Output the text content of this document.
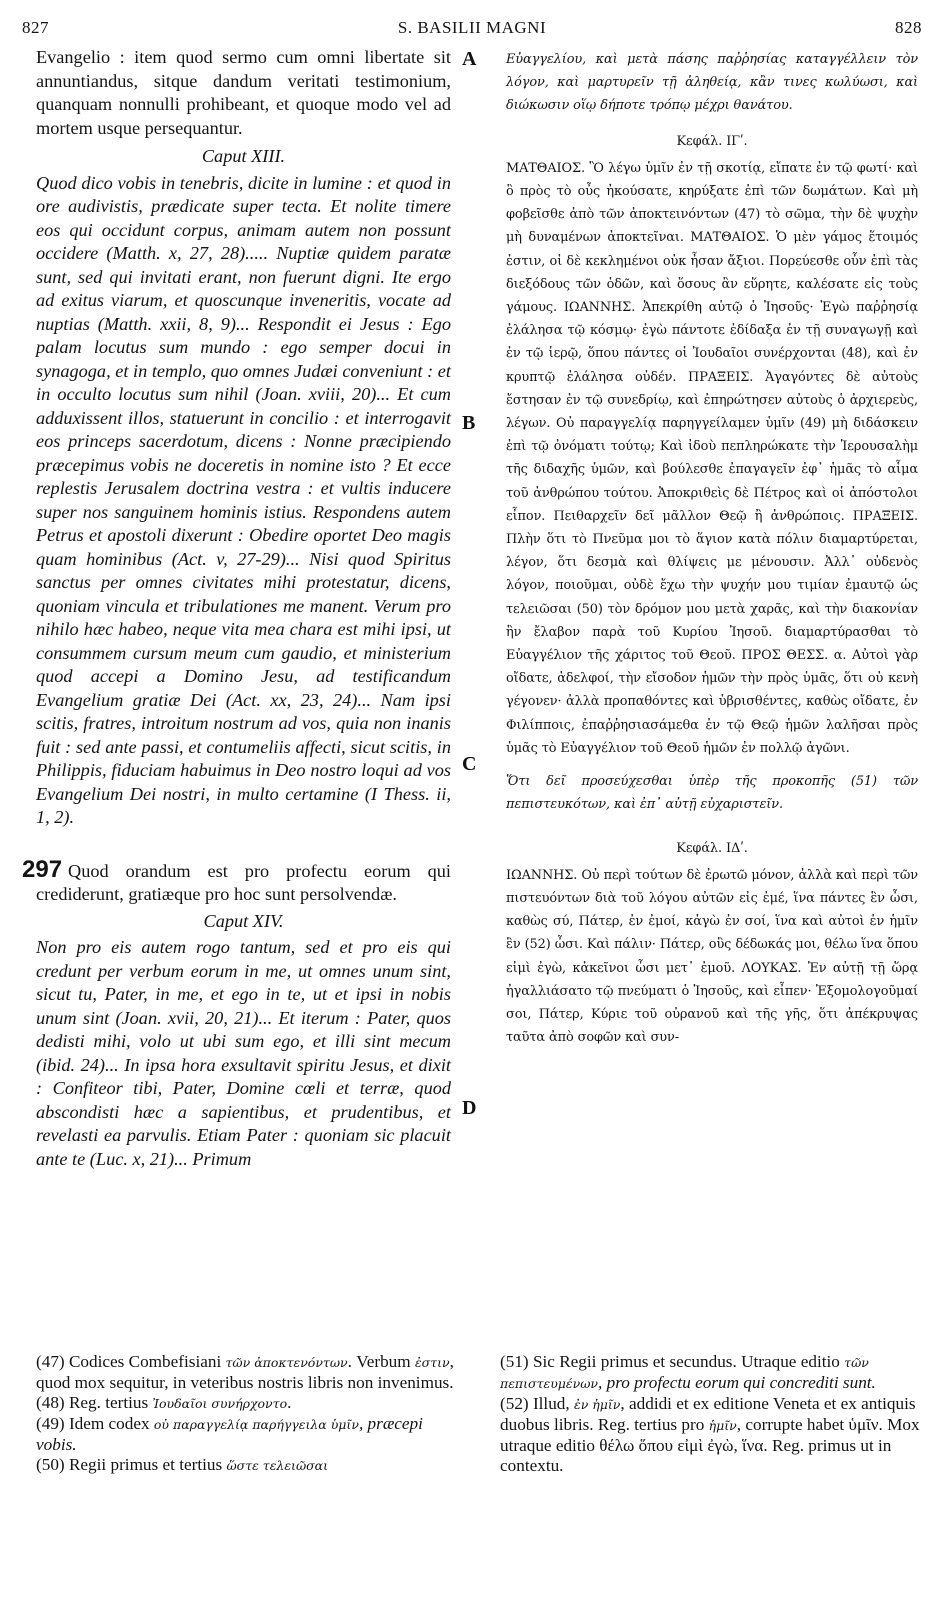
827	S. BASILII MAGNI	828

Evangelio : item quod sermo cum omni libertate sit annuntiandus, sitque dandum veritati testimonium, quanquam nonnulli prohibeant, et quoque modo vel ad mortem usque persequantur.

Caput XIII.

Quod dico vobis in tenebris, dicite in lumine : et quod in ore audivistis, prædicate super tecta. Et nolite timere eos qui occidunt corpus, animam autem non possunt occidere (Matth. x, 27, 28)..... Nuptiæ quidem paratæ sunt, sed qui invitati erant, non fuerunt digni. Ite ergo ad exitus viarum, et quoscunque inveneritis, vocate ad nuptias (Matth. xxii, 8, 9)... Respondit ei Jesus : Ego palam locutus sum mundo : ego semper docui in synagoga, et in templo, quo omnes Judæi conveniunt : et in occulto locutus sum nihil (Joan. xviii, 20)... Et cum adduxissent illos, statuerunt in concilio : et interrogavit eos princeps sacerdotum, dicens : Nonne præcipiendo præcepimus vobis ne doceretis in nomine isto ? Et ecce replestis Jerusalem doctrina vestra : et vultis inducere super nos sanguinem hominis istius. Respondens autem Petrus et apostoli dixerunt : Obedire oportet Deo magis quam hominibus (Act. v, 27-29)... Nisi quod Spiritus sanctus per omnes civitates mihi protestatur, dicens, quoniam vincula et tribulationes me manent. Verum pro nihilo hæc habeo, neque vita mea chara est mihi ipsi, ut consummem cursum meum cum gaudio, et ministerium quod accepi a Domino Jesu, ad testificandum Evangelium gratiæ Dei (Act. xx, 23, 24)... Nam ipsi scitis, fratres, introitum nostrum ad vos, quia non inanis fuit : sed ante passi, et contumeliis affecti, sicut scitis, in Philippis, fiduciam habuimus in Deo nostro loqui ad vos Evangelium Dei nostri, in multo certamine (I Thess. ii, 1, 2).

297 Quod orandum est pro profectu eorum qui crediderunt, gratiæque pro hoc sunt persolvendæ.

Caput XIV.

Non pro eis autem rogo tantum, sed et pro eis qui credunt per verbum eorum in me, ut omnes unum sint, sicut tu, Pater, in me, et ego in te, ut et ipsi in nobis unum sint (Joan. xvii, 20, 21)... Et iterum : Pater, quos dedisti mihi, volo ut ubi sum ego, et illi sint mecum (ibid. 24)... In ipsa hora exsultavit spiritu Jesus, et dixit : Confiteor tibi, Pater, Domine cœli et terræ, quod abscondisti hæc a sapientibus, et prudentibus, et revelasti ea parvulis. Etiam Pater : quoniam sic placuit ante te (Luc. x, 21)... Primum

Εὐαγγελίου, καὶ μετὰ πάσης παῤῥησίας καταγγέλλειν τὸν λόγον, καὶ μαρτυρεῖν τῇ ἀληθείᾳ, κἂν τινες κωλύωσι, καὶ διώκωσιν οἵῳ δήποτε τρόπῳ μέχρι θανάτου.

Κεφάλ. ΙΓʹ.

ΜΑΤΘΑΙΟΣ. Ὃ λέγω ὑμῖν ἐν τῇ σκοτίᾳ, εἴπατε ἐν τῷ φωτί· καὶ ὃ πρὸς τὸ οὖς ἠκούσατε, κηρύξατε ἐπὶ τῶν δωμάτων. Καὶ μὴ φοβεῖσθε ἀπὸ τῶν ἀποκτεινόντων (47) τὸ σῶμα, τὴν δὲ ψυχὴν μὴ δυναμένων ἀποκτεῖναι. ΜΑΤΘΑΙΟΣ. Ὁ μὲν γάμος ἕτοιμός ἐστιν, οἱ δὲ κεκλημένοι οὐκ ἦσαν ἄξιοι. Πορεύεσθε οὖν ἐπὶ τὰς διεξόδους τῶν ὁδῶν, καὶ ὅσους ἂν εὕρητε, καλέσατε εἰς τοὺς γάμους. ΙΩΑΝΝΗΣ. Ἀπεκρίθη αὐτῷ ὁ Ἰησοῦς· Ἐγὼ παῤῥησίᾳ ἐλάλησα τῷ κόσμῳ· ἐγὼ πάντοτε ἐδίδαξα ἐν τῇ συναγωγῇ καὶ ἐν τῷ ἱερῷ, ὅπου πάντες οἱ Ἰουδαῖοι συνέρχονται (48), καὶ ἐν κρυπτῷ ἐλάλησα οὐδέν. ΠΡΑΞΕΙΣ. Ἀγαγόντες δὲ αὐτοὺς ἔστησαν ἐν τῷ συνεδρίῳ, καὶ ἐπηρώτησεν αὐτοὺς ὁ ἀρχιερεὺς, λέγων. Οὐ παραγγελίᾳ παρηγγείλαμεν ὑμῖν (49) μὴ διδάσκειν ἐπὶ τῷ ὀνόματι τούτῳ; Καὶ ἰδοὺ πεπληρώκατε τὴν Ἱερουσαλὴμ τῆς διδαχῆς ὑμῶν, καὶ βούλεσθε ἐπαγαγεῖν ἐφ᾽ ἡμᾶς τὸ αἷμα τοῦ ἀνθρώπου τούτου. Ἀποκριθεὶς δὲ Πέτρος καὶ οἱ ἀπόστολοι εἶπον. Πειθαρχεῖν δεῖ μᾶλλον Θεῷ ἢ ἀνθρώποις. ΠΡΑΞΕΙΣ. Πλὴν ὅτι τὸ Πνεῦμα μοι τὸ ἅγιον κατὰ πόλιν διαμαρτύρεται, λέγον, ὅτι δεσμὰ καὶ θλίψεις με μένουσιν. Ἀλλ᾽ οὐδενὸς λόγον, ποιοῦμαι, οὐδὲ ἔχω τὴν ψυχήν μου τιμίαν ἐμαυτῷ ὡς τελειῶσαι (50) τὸν δρόμον μου μετὰ χαρᾶς, καὶ τὴν διακονίαν ἣν ἔλαβον παρὰ τοῦ Κυρίου Ἰησοῦ. διαμαρτύρασθαι τὸ Εὐαγγέλιον τῆς χάριτος τοῦ Θεοῦ. ΠΡΟΣ ΘΕΣΣ. α. Αὐτοὶ γὰρ οἴδατε, ἀδελφοί, τὴν εἴσοδον ἡμῶν τὴν πρὸς ὑμᾶς, ὅτι οὐ κενὴ γέγονεν· ἀλλὰ προπαθόντες καὶ ὑβρισθέντες, καθὼς οἴδατε, ἐν Φιλίπποις, ἐπαῤῥησιασάμεθα ἐν τῷ Θεῷ ἡμῶν λαλῆσαι πρὸς ὑμᾶς τὸ Εὐαγγέλιον τοῦ Θεοῦ ἡμῶν ἐν πολλῷ ἀγῶνι.

Ὅτι δεῖ προσεύχεσθαι ὑπὲρ τῆς προκοπῆς (51) τῶν πεπιστευκότων, καὶ ἐπ᾽ αὐτῇ εὐχαριστεῖν.

Κεφάλ. ΙΔʹ.

ΙΩΑΝΝΗΣ. Οὐ περὶ τούτων δὲ ἐρωτῶ μόνον, ἀλλὰ καὶ περὶ τῶν πιστευόντων διὰ τοῦ λόγου αὐτῶν εἰς ἐμέ, ἵνα πάντες ἓν ὦσι, καθὼς σύ, Πάτερ, ἐν ἐμοί, κἀγὼ ἐν σοί, ἵνα καὶ αὐτοὶ ἐν ἡμῖν ἓν (52) ὦσι. Καὶ πάλιν· Πάτερ, οὓς δέδωκάς μοι, θέλω ἵνα ὅπου εἰμὶ ἐγὼ, κἀκεῖνοι ὦσι μετ᾽ ἐμοῦ. ΛΟΥΚΑΣ. Ἐν αὐτῇ τῇ ὥρᾳ ἠγαλλιάσατο τῷ πνεύματι ὁ Ἰησοῦς, καὶ εἶπεν· Ἐξομολογοῦμαί σοι, Πάτερ, Κύριε τοῦ οὐρανοῦ καὶ τῆς γῆς, ὅτι ἀπέκρυψας ταῦτα ἀπὸ σοφῶν καὶ συν-

A
B
C
D

(47) Codices Combefisiani τῶν ἀποκτενόντων. Verbum ἐστιν, quod mox sequitur, in veteribus nostris libris non invenimus.

(48) Reg. tertius Ἰουδαῖοι συνήρχοντο.

(49) Idem codex οὐ παραγγελίᾳ παρήγγειλα ὑμῖν, præcepi vobis.

(50) Regii primus et tertius ὥστε τελειῶσαι

(51) Sic Regii primus et secundus. Utraque editio τῶν πεπιστευμένων, pro profectu eorum qui concrediti sunt.

(52) Illud, ἐν ἡμῖν, addidi et ex editione Veneta et ex antiquis duobus libris. Reg. tertius pro ἡμῖν, corrupte habet ὑμῖν. Mox utraque editio θέλω ὅπου εἰμὶ ἐγὼ, ἵνα. Reg. primus ut in contextu.
